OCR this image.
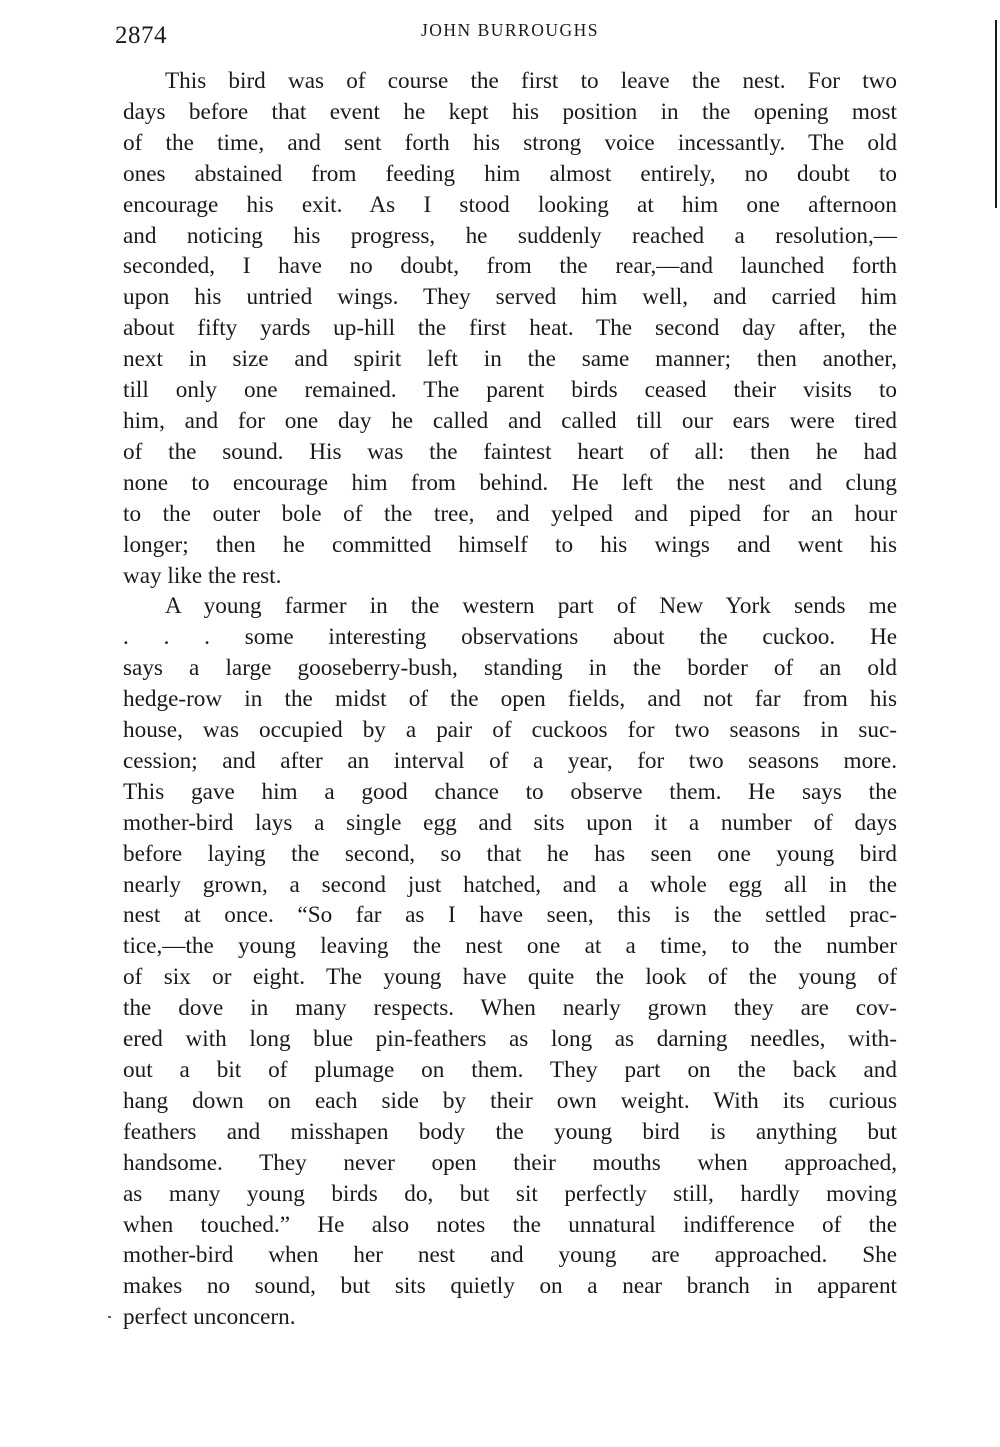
2874	JOHN BURROUGHS
This bird was of course the first to leave the nest. For two
days before that event he kept his position in the opening most
of the time, and sent forth his strong voice incessantly. The old
ones abstained from feeding him almost entirely, no doubt to
encourage his exit. As I stood looking at him one afternoon
and noticing his progress, he suddenly reached a resolution,—
seconded, I have no doubt, from the rear,—and launched forth
upon his untried wings. They served him well, and carried him
about fifty yards up-hill the first heat. The second day after, the
next in size and spirit left in the same manner; then another,
till only one remained. The parent birds ceased their visits to
him, and for one day he called and called till our ears were tired
of the sound. His was the faintest heart of all: then he had
none to encourage him from behind. He left the nest and clung
to the outer bole of the tree, and yelped and piped for an hour
longer; then he committed himself to his wings and went his
way like the rest.
A young farmer in the western part of New York sends me
. . . some interesting observations about the cuckoo. He
says a large gooseberry-bush, standing in the border of an old
hedge-row in the midst of the open fields, and not far from his
house, was occupied by a pair of cuckoos for two seasons in suc-
cession; and after an interval of a year, for two seasons more.
This gave him a good chance to observe them. He says the
mother-bird lays a single egg and sits upon it a number of days
before laying the second, so that he has seen one young bird
nearly grown, a second just hatched, and a whole egg all in the
nest at once. “So far as I have seen, this is the settled prac-
tice,—the young leaving the nest one at a time, to the number
of six or eight. The young have quite the look of the young of
the dove in many respects. When nearly grown they are cov-
ered with long blue pin-feathers as long as darning needles, with-
out a bit of plumage on them. They part on the back and
hang down on each side by their own weight. With its curious
feathers and misshapen body the young bird is anything but
handsome. They never open their mouths when approached,
as many young birds do, but sit perfectly still, hardly moving
when touched.” He also notes the unnatural indifference of the
mother-bird when her nest and young are approached. She
makes no sound, but sits quietly on a near branch in apparent
perfect unconcern.
